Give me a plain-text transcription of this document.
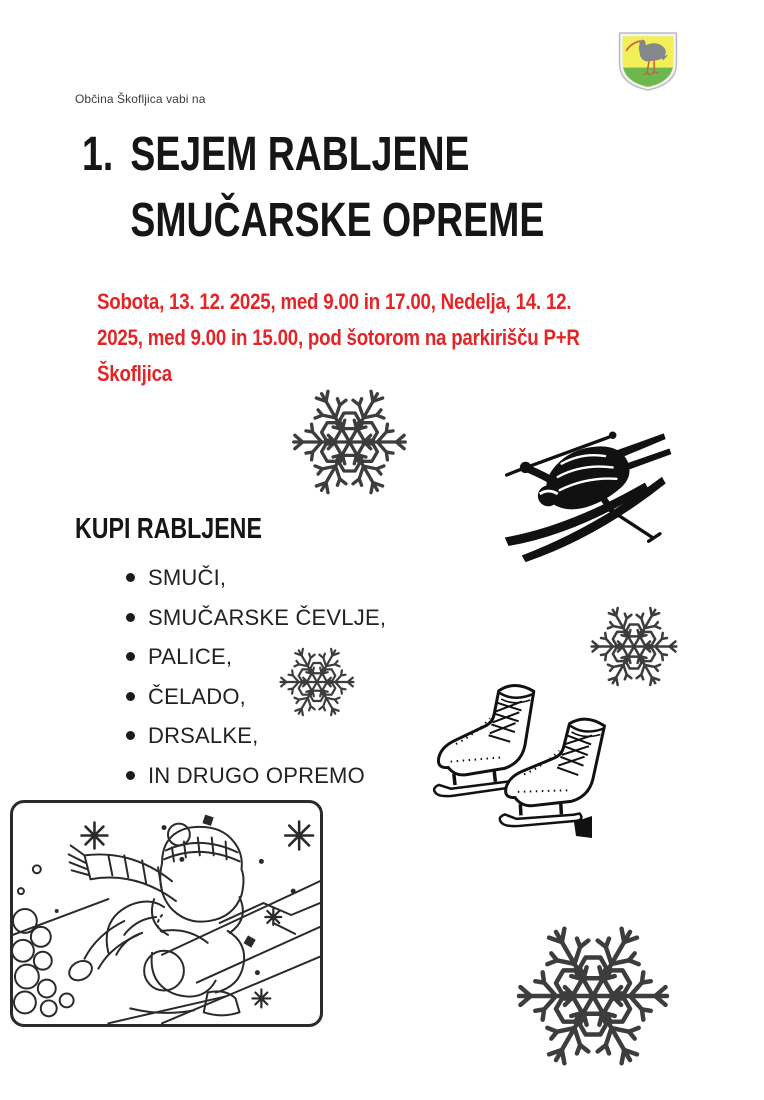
Občina Škofljica vabi na
1. SEJEM RABLJENE
SMUČARSKE OPREME
Sobota, 13. 12. 2025, med 9.00 in 17.00, Nedelja, 14. 12.
2025, med 9.00 in 15.00, pod šotorom na parkirišču P+R
Škofljica
KUPI RABLJENE
SMUČI,
SMUČARSKE ČEVLJE,
PALICE,
ČELADO,
DRSALKE,
IN DRUGO OPREMO
